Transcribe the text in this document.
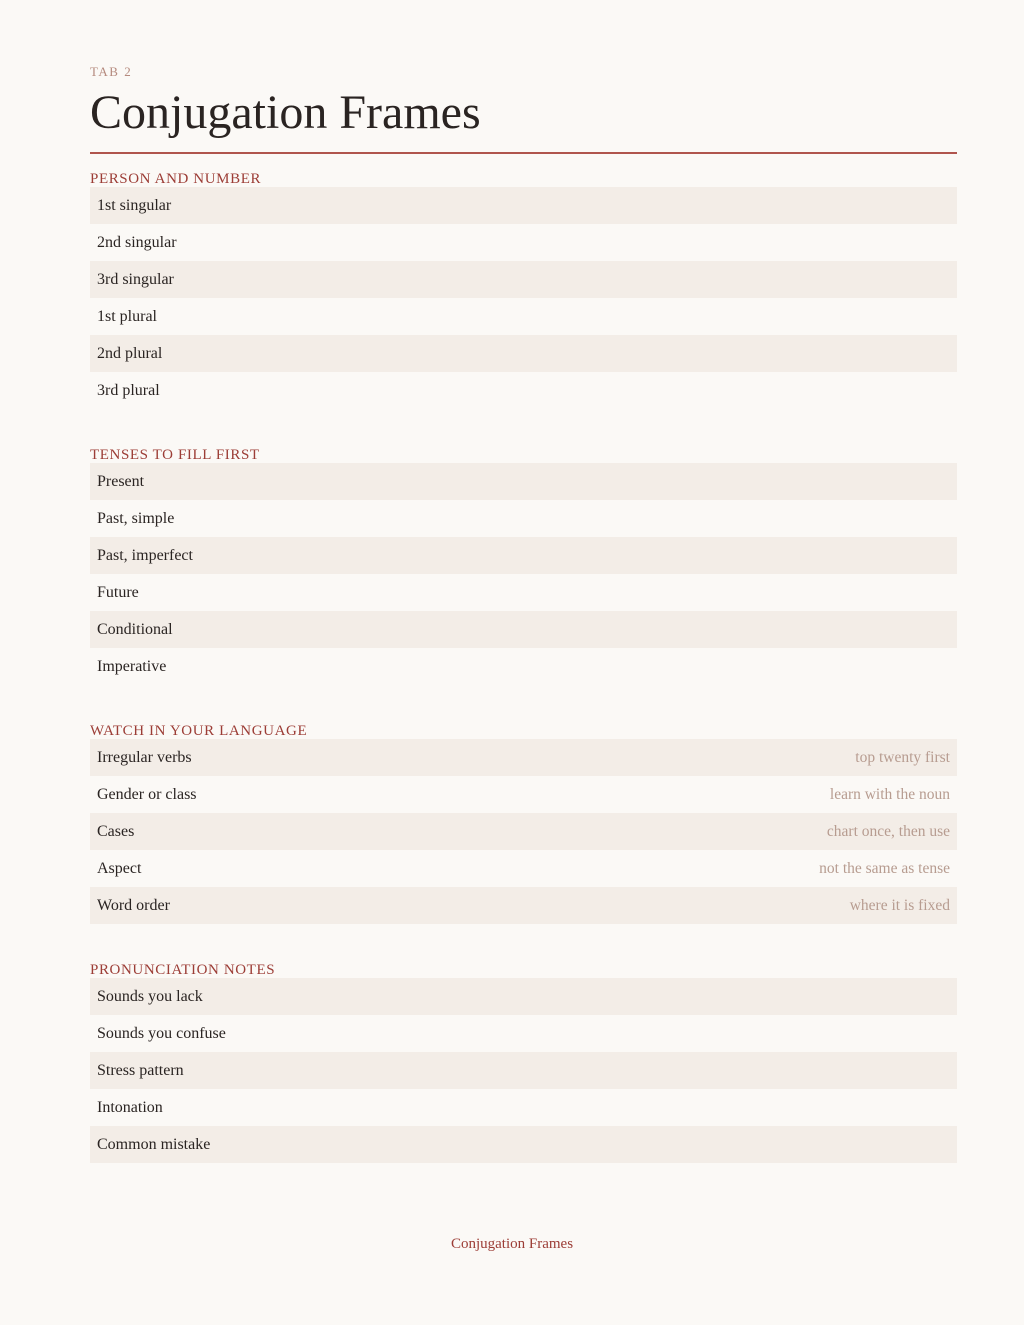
TAB 2
Conjugation Frames
PERSON AND NUMBER
1st singular
2nd singular
3rd singular
1st plural
2nd plural
3rd plural
TENSES TO FILL FIRST
Present
Past, simple
Past, imperfect
Future
Conditional
Imperative
WATCH IN YOUR LANGUAGE
Irregular verbs	top twenty first
Gender or class	learn with the noun
Cases	chart once, then use
Aspect	not the same as tense
Word order	where it is fixed
PRONUNCIATION NOTES
Sounds you lack
Sounds you confuse
Stress pattern
Intonation
Common mistake
Conjugation Frames
